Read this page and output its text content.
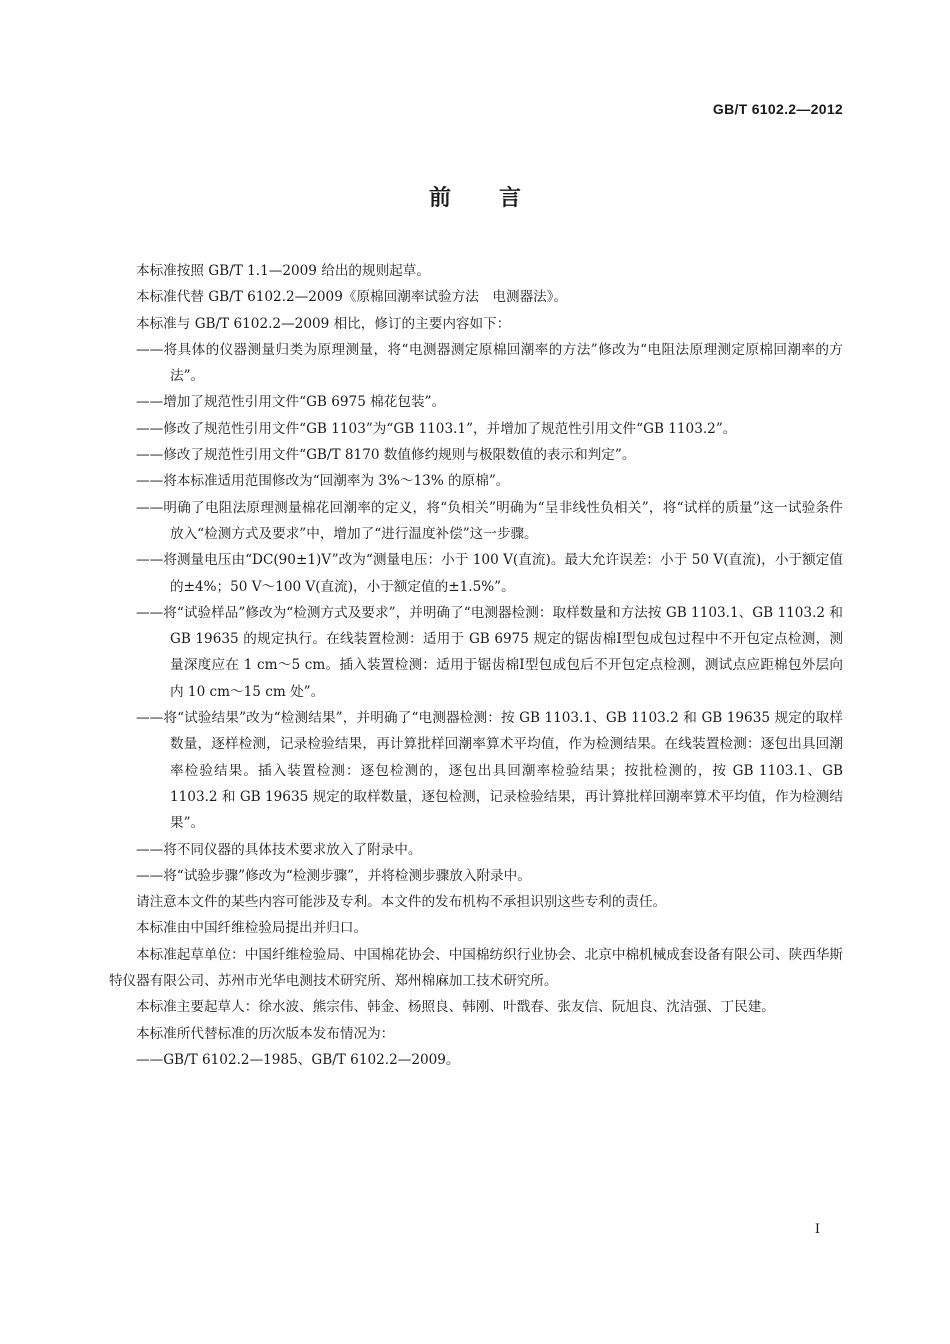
GB/T 6102.2—2012
前言
本标准按照 GB/T 1.1—2009 给出的规则起草。
本标准代替 GB/T 6102.2—2009《原棉回潮率试验方法　电测器法》。
本标准与 GB/T 6102.2—2009 相比，修订的主要内容如下：
——将具体的仪器测量归类为原理测量，将“电测器测定原棉回潮率的方法”修改为“电阻法原理测定原棉回潮率的方法”。
——增加了规范性引用文件“GB 6975 棉花包装”。
——修改了规范性引用文件“GB 1103”为“GB 1103.1”，并增加了规范性引用文件“GB 1103.2”。
——修改了规范性引用文件“GB/T 8170 数值修约规则与极限数值的表示和判定”。
——将本标准适用范围修改为“回潮率为 3%～13% 的原棉”。
——明确了电阻法原理测量棉花回潮率的定义，将“负相关”明确为“呈非线性负相关”，将“试样的质量”这一试验条件放入“检测方式及要求”中，增加了“进行温度补偿”这一步骤。
——将测量电压由“DC(90±1)V”改为“测量电压：小于 100 V(直流)。最大允许误差：小于 50 V(直流)，小于额定值的±4%；50 V～100 V(直流)，小于额定值的±1.5%”。
——将“试验样品”修改为“检测方式及要求”，并明确了“电测器检测：取样数量和方法按 GB 1103.1、GB 1103.2 和 GB 19635 的规定执行。在线装置检测：适用于 GB 6975 规定的锯齿棉Ⅰ型包成包过程中不开包定点检测，测量深度应在 1 cm～5 cm。插入装置检测：适用于锯齿棉Ⅰ型包成包后不开包定点检测，测试点应距棉包外层向内 10 cm～15 cm 处”。
——将“试验结果”改为“检测结果”，并明确了“电测器检测：按 GB 1103.1、GB 1103.2 和 GB 19635 规定的取样数量，逐样检测，记录检验结果，再计算批样回潮率算术平均值，作为检测结果。在线装置检测：逐包出具回潮率检验结果。插入装置检测：逐包检测的，逐包出具回潮率检验结果；按批检测的，按 GB 1103.1、GB 1103.2 和 GB 19635 规定的取样数量，逐包检测，记录检验结果，再计算批样回潮率算术平均值，作为检测结果”。
——将不同仪器的具体技术要求放入了附录中。
——将“试验步骤”修改为“检测步骤”，并将检测步骤放入附录中。
请注意本文件的某些内容可能涉及专利。本文件的发布机构不承担识别这些专利的责任。
本标准由中国纤维检验局提出并归口。
本标准起草单位：中国纤维检验局、中国棉花协会、中国棉纺织行业协会、北京中棉机械成套设备有限公司、陕西华斯特仪器有限公司、苏州市光华电测技术研究所、郑州棉麻加工技术研究所。
本标准主要起草人：徐水波、熊宗伟、韩金、杨照良、韩刚、叶戬春、张友信、阮旭良、沈洁强、丁民建。
本标准所代替标准的历次版本发布情况为：
——GB/T 6102.2—1985、GB/T 6102.2—2009。
I
